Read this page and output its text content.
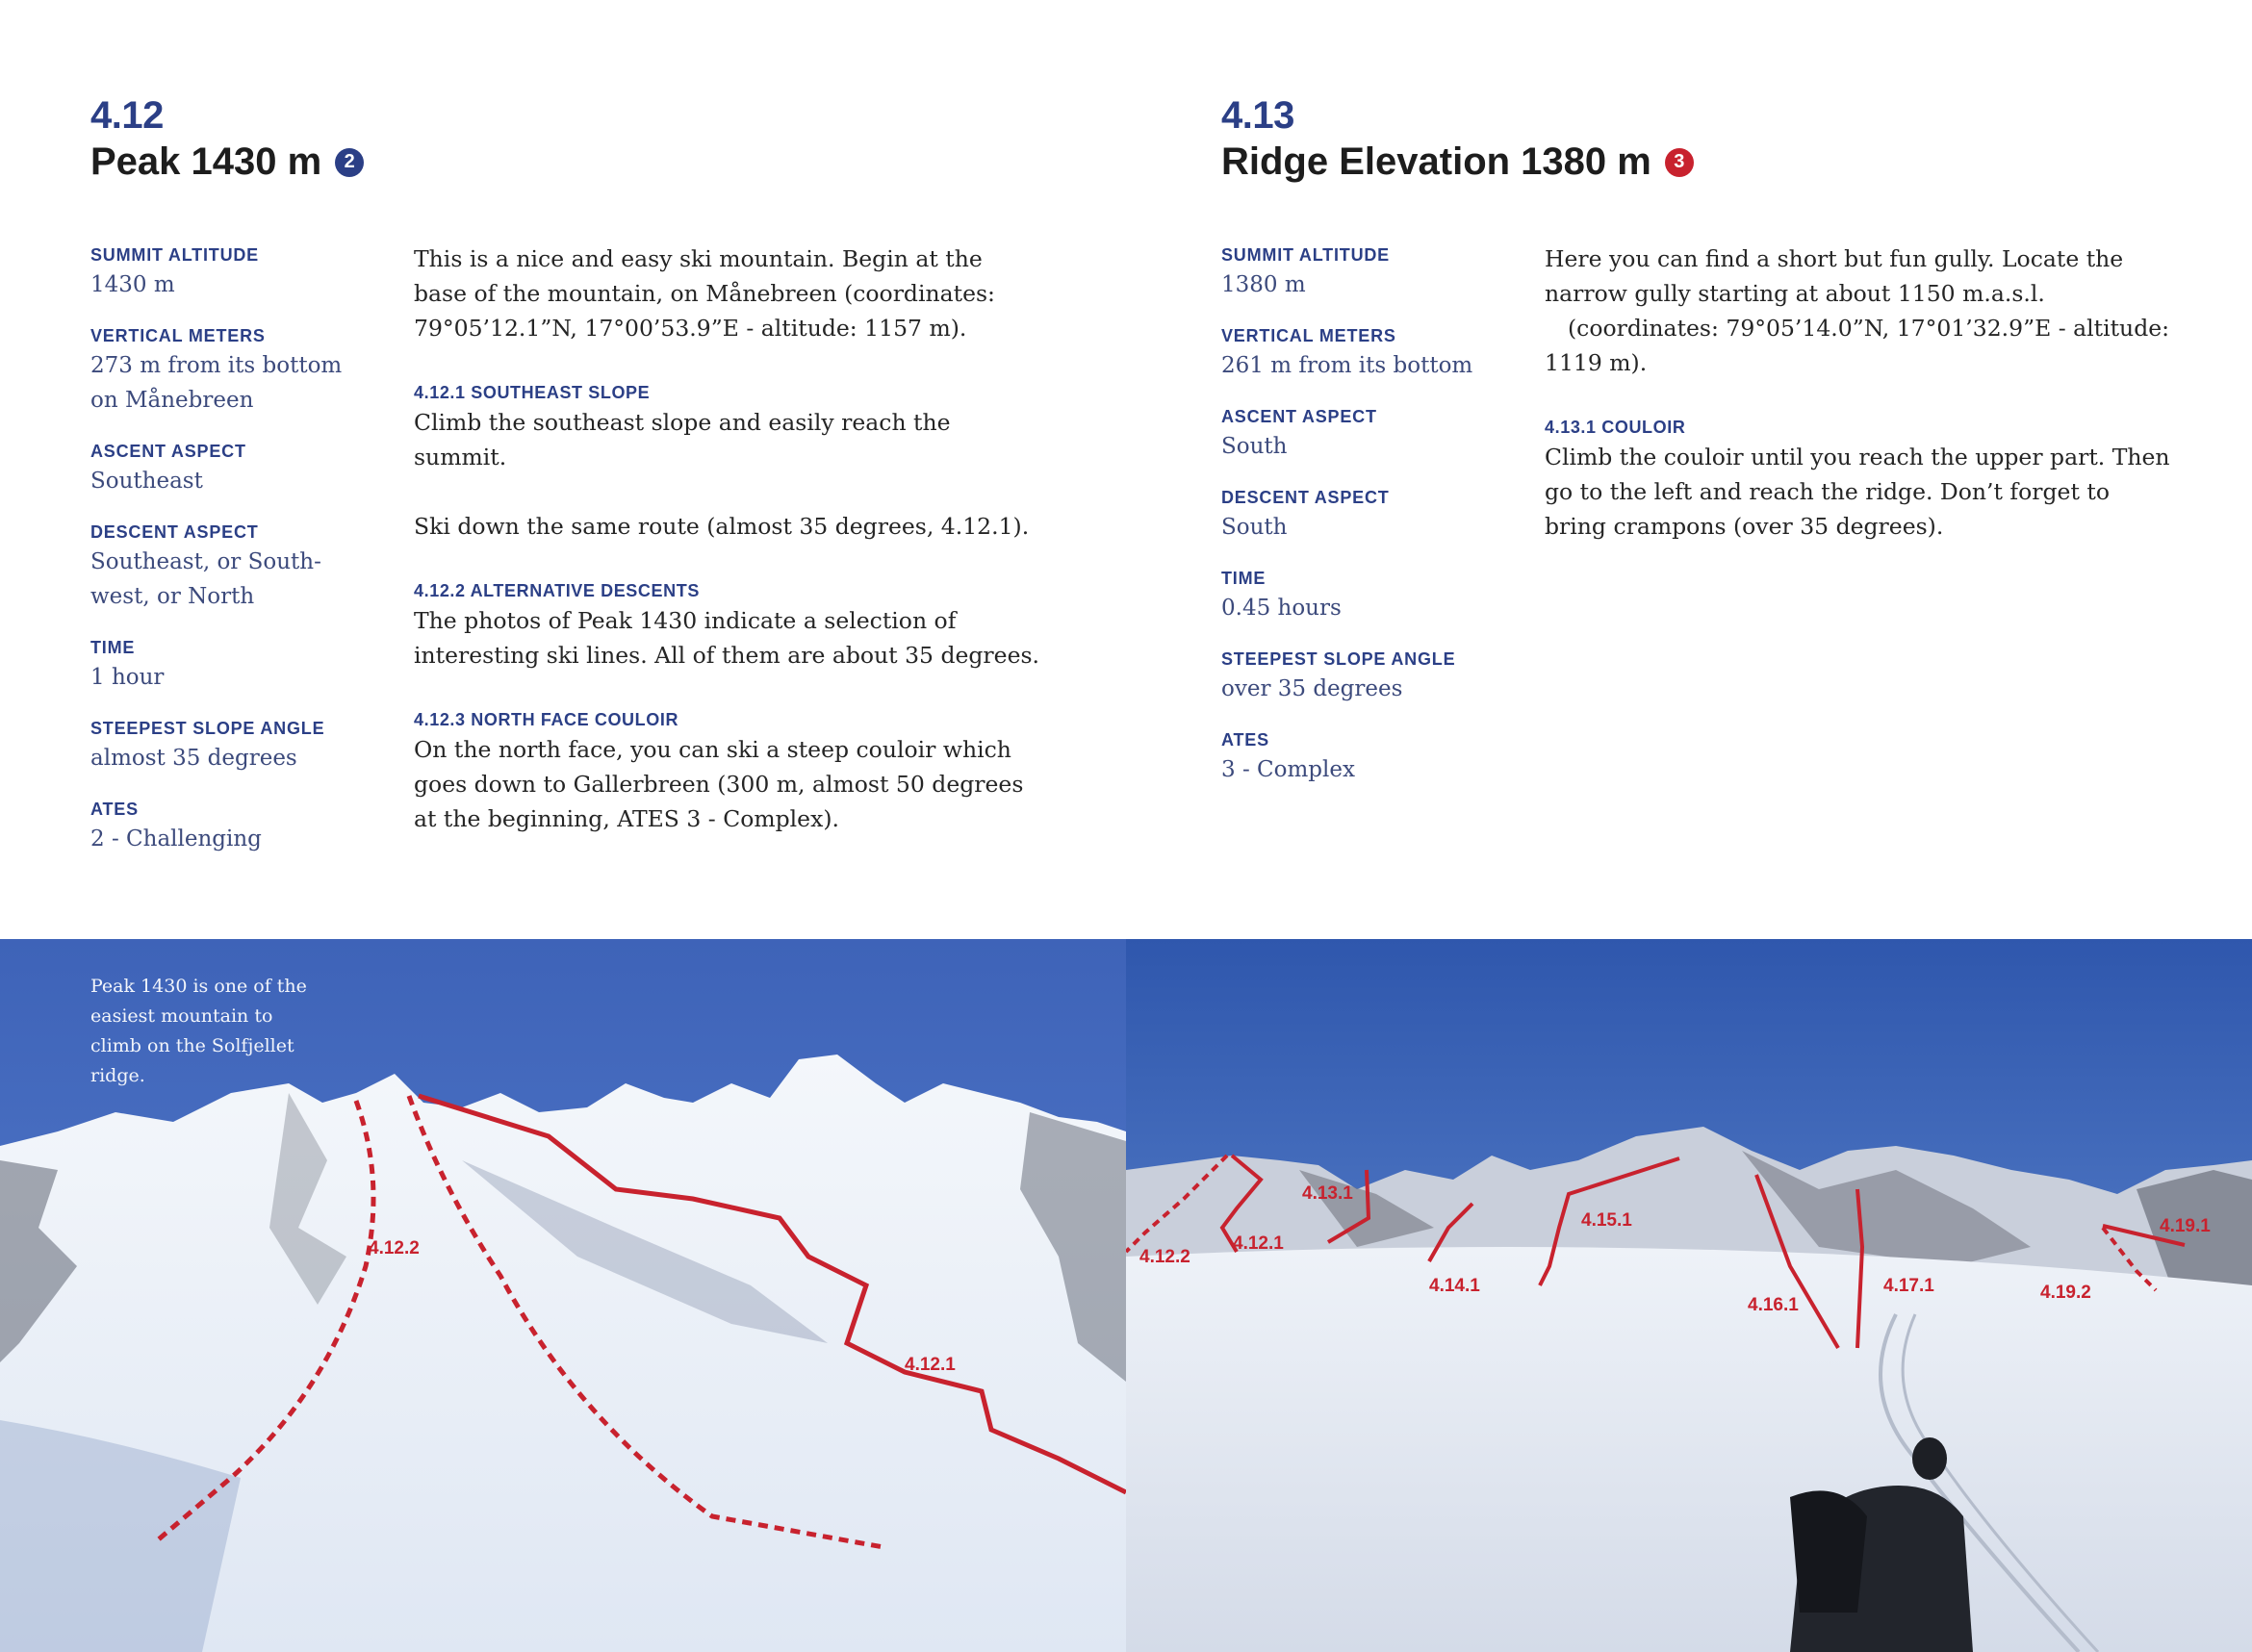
4.12
Peak 1430 m	2
SUMMIT ALTITUDE
1430 m
VERTICAL METERS
273 m from its bottom on Månebreen
ASCENT ASPECT
Southeast
DESCENT ASPECT
Southeast, or South-west, or North
TIME
1 hour
STEEPEST SLOPE ANGLE
almost 35 degrees
ATES
2 - Challenging

This is a nice and easy ski mountain. Begin at the base of the mountain, on Månebreen (coordinates: 79°05’12.1”N, 17°00’53.9”E - altitude: 1157 m).

4.12.1 SOUTHEAST SLOPE

Climb the southeast slope and easily reach the summit.

Ski down the same route (almost 35 degrees, 4.12.1).

4.12.2 ALTERNATIVE DESCENTS

The photos of Peak 1430 indicate a selection of interesting ski lines. All of them are about 35 degrees.

4.12.3 NORTH FACE COULOIR

On the north face, you can ski a steep couloir which goes down to Gallerbreen (300 m, almost 50 degrees at the beginning, ATES 3 - Complex).

4.13
Ridge Elevation 1380 m	3
SUMMIT ALTITUDE
1380 m
VERTICAL METERS
261 m from its bottom
ASCENT ASPECT
South
DESCENT ASPECT
South
TIME
0.45 hours
STEEPEST SLOPE ANGLE
over 35 degrees
ATES
3 - Complex

Here you can find a short but fun gully. Locate the narrow gully starting at about 1150 m.a.s.l.
(coordinates: 79°05’14.0”N, 17°01’32.9”E - altitude: 1119 m).

4.13.1 COULOIR

Climb the couloir until you reach the upper part. Then go to the left and reach the ridge. Don’t forget to bring crampons (over 35 degrees).

4.12.2
4.12.1
Peak 1430 is one of the easiest mountain to climb on the Solfjellet ridge.
4.13.1
4.12.1
4.12.2
4.14.1
4.15.1
4.16.1
4.17.1
4.19.1
4.19.2
